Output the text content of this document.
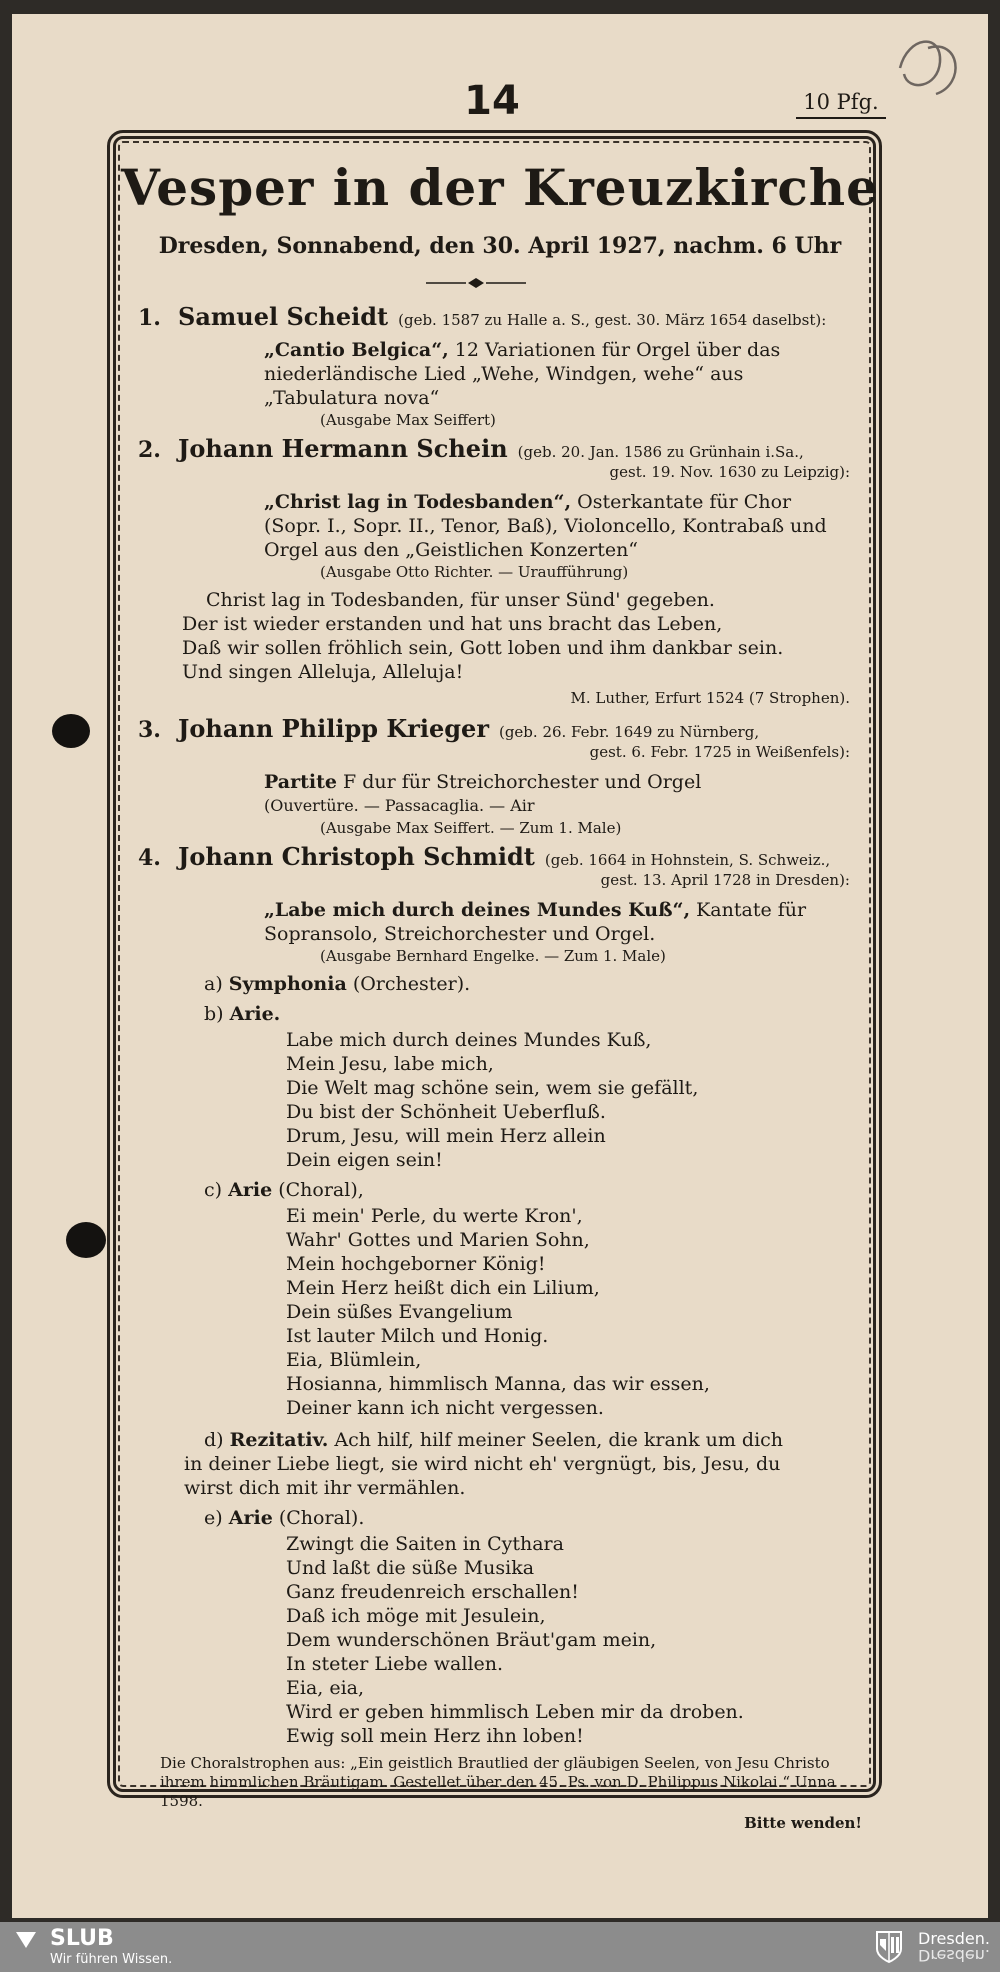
14	10 Pfg.
Vesper in der Kreuzkirche
Dresden, Sonnabend, den 30. April 1927, nachm. 6 Uhr
1. Samuel Scheidt (geb. 1587 zu Halle a. S., gest. 30. März 1654 daselbst):
„Cantio Belgica“, 12 Variationen für Orgel über das niederländische Lied „Wehe, Windgen, wehe“ aus „Tabulatura nova“
(Ausgabe Max Seiffert)
2. Johann Hermann Schein (geb. 20. Jan. 1586 zu Grünhain i.Sa.,
gest. 19. Nov. 1630 zu Leipzig):
„Christ lag in Todesbanden“, Osterkantate für Chor (Sopr. I., Sopr. II., Tenor, Baß), Violoncello, Kontrabaß und Orgel aus den „Geistlichen Konzerten“
(Ausgabe Otto Richter. — Uraufführung)
Christ lag in Todesbanden, für unser Sünd' gegeben.
Der ist wieder erstanden und hat uns bracht das Leben,
Daß wir sollen fröhlich sein, Gott loben und ihm dankbar sein.
Und singen Alleluja, Alleluja!
M. Luther, Erfurt 1524 (7 Strophen).
3. Johann Philipp Krieger (geb. 26. Febr. 1649 zu Nürnberg,
gest. 6. Febr. 1725 in Weißenfels):
Partite F dur für Streichorchester und Orgel
(Ouvertüre. — Passacaglia. — Air
(Ausgabe Max Seiffert. — Zum 1. Male)
4. Johann Christoph Schmidt (geb. 1664 in Hohnstein, S. Schweiz.,
gest. 13. April 1728 in Dresden):
„Labe mich durch deines Mundes Kuß“, Kantate für Sopransolo, Streichorchester und Orgel.
(Ausgabe Bernhard Engelke. — Zum 1. Male)
a) Symphonia (Orchester).
b) Arie.
Labe mich durch deines Mundes Kuß,
Mein Jesu, labe mich,
Die Welt mag schöne sein, wem sie gefällt,
Du bist der Schönheit Ueberfluß.
Drum, Jesu, will mein Herz allein
Dein eigen sein!
c) Arie (Choral),
Ei mein' Perle, du werte Kron',
Wahr' Gottes und Marien Sohn,
Mein hochgeborner König!
Mein Herz heißt dich ein Lilium,
Dein süßes Evangelium
Ist lauter Milch und Honig.
Eia, Blümlein,
Hosianna, himmlisch Manna, das wir essen,
Deiner kann ich nicht vergessen.
d) Rezitativ. Ach hilf, hilf meiner Seelen, die krank um dich
in deiner Liebe liegt, sie wird nicht eh' vergnügt, bis, Jesu, du
wirst dich mit ihr vermählen.
e) Arie (Choral).
Zwingt die Saiten in Cythara
Und laßt die süße Musika
Ganz freudenreich erschallen!
Daß ich möge mit Jesulein,
Dem wunderschönen Bräut'gam mein,
In steter Liebe wallen.
Eia, eia,
Wird er geben himmlisch Leben mir da droben.
Ewig soll mein Herz ihn loben!
Die Choralstrophen aus: „Ein geistlich Brautlied der gläubigen Seelen, von Jesu Christo ihrem himmlichen Bräutigam. Gestellet über den 45. Ps. von D. Philippus Nikolai.“ Unna 1598.
Bitte wenden!
SLUB
Wir führen Wissen.
Dresden.
Dresden.
